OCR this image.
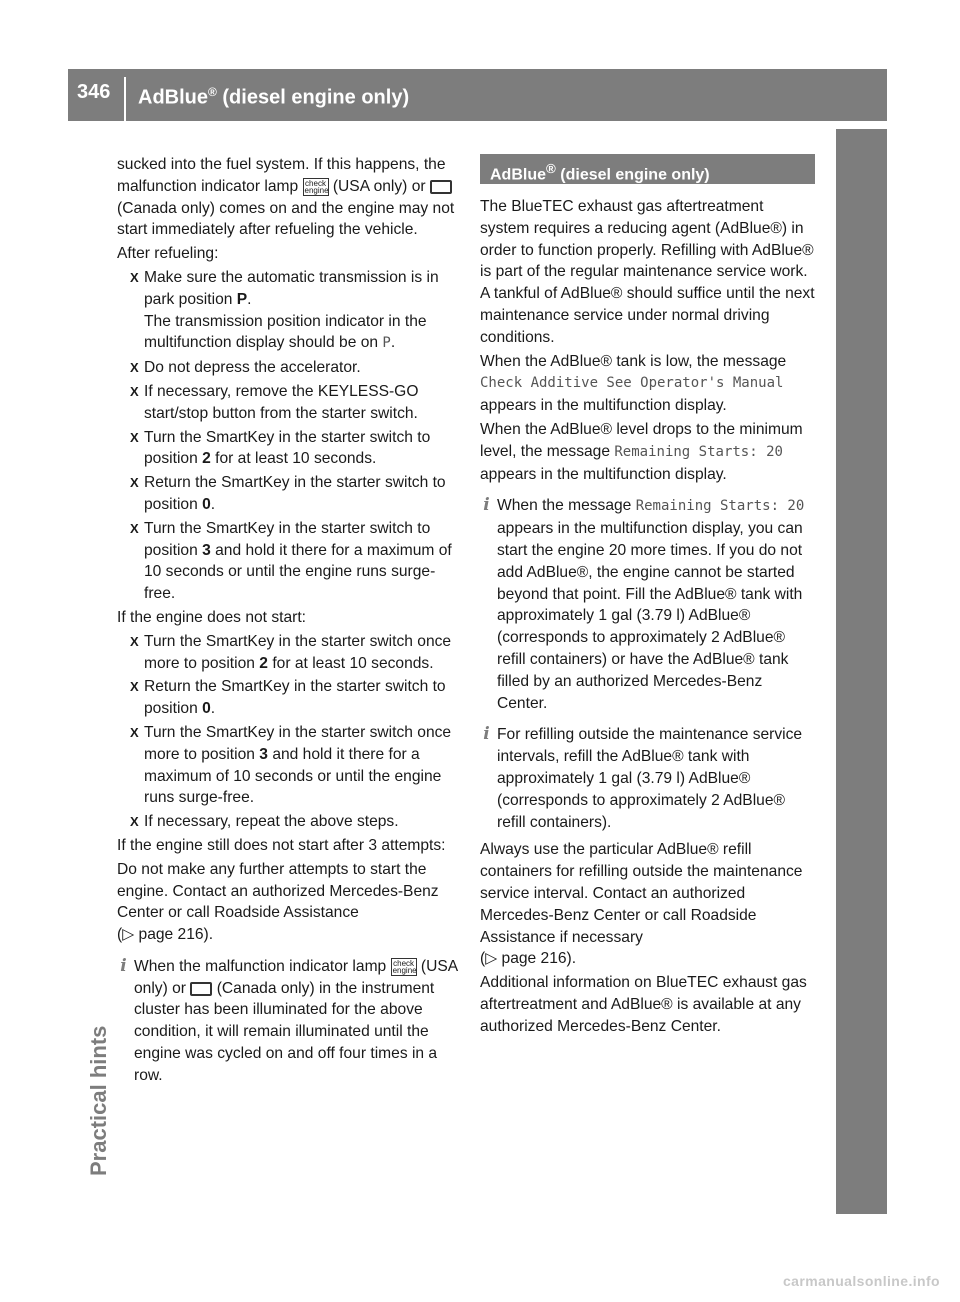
346	AdBlue® (diesel engine only)
Practical hints

sucked into the fuel system. If this happens, the malfunction indicator lamp check
engine (USA only) or  (Canada only) comes on and the engine may not start immediately after refueling the vehicle.

After refueling:

X Make sure the automatic transmission is in park position P.
The transmission position indicator in the multifunction display should be on P.
X Do not depress the accelerator.
X If necessary, remove the KEYLESS-GO start/stop button from the starter switch.
X Turn the SmartKey in the starter switch to position 2 for at least 10 seconds.
X Return the SmartKey in the starter switch to position 0.
X Turn the SmartKey in the starter switch to position 3 and hold it there for a maximum of 10 seconds or until the engine runs surge-free.

If the engine does not start:

X Turn the SmartKey in the starter switch once more to position 2 for at least 10 seconds.
X Return the SmartKey in the starter switch to position 0.
X Turn the SmartKey in the starter switch once more to position 3 and hold it there for a maximum of 10 seconds or until the engine runs surge-free.
X If necessary, repeat the above steps.

If the engine still does not start after 3 attempts:

Do not make any further attempts to start the engine. Contact an authorized Mercedes-Benz Center or call Roadside Assistance
(▷ page 216).

i When the malfunction indicator lamp check
engine (USA only) or (Canada only) in the instrument cluster has been illuminated for the above condition, it will remain illuminated until the engine was cycled on and off four times in a row.
AdBlue® (diesel engine only)

The BlueTEC exhaust gas aftertreatment system requires a reducing agent (AdBlue®) in order to function properly. Refilling with AdBlue® is part of the regular maintenance service work. A tankful of AdBlue® should suffice until the next maintenance service under normal driving conditions.

When the AdBlue® tank is low, the message Check Additive See Operator's Manual appears in the multifunction display.

When the AdBlue® level drops to the minimum level, the message Remaining Starts: 20 appears in the multifunction display.

i When the message Remaining Starts: 20 appears in the multifunction display, you can start the engine 20 more times. If you do not add AdBlue®, the engine cannot be started beyond that point. Fill the AdBlue® tank with approximately 1 gal (3.79 l) AdBlue® (corresponds to approximately 2 AdBlue® refill containers) or have the AdBlue® tank filled by an authorized Mercedes-Benz Center.
i For refilling outside the maintenance service intervals, refill the AdBlue® tank with approximately 1 gal (3.79 l) AdBlue® (corresponds to approximately 2 AdBlue® refill containers).

Always use the particular AdBlue® refill containers for refilling outside the maintenance service interval. Contact an authorized Mercedes-Benz Center or call Roadside Assistance if necessary
(▷ page 216).

Additional information on BlueTEC exhaust gas aftertreatment and AdBlue® is available at any authorized Mercedes-Benz Center.

carmanualsonline.info
